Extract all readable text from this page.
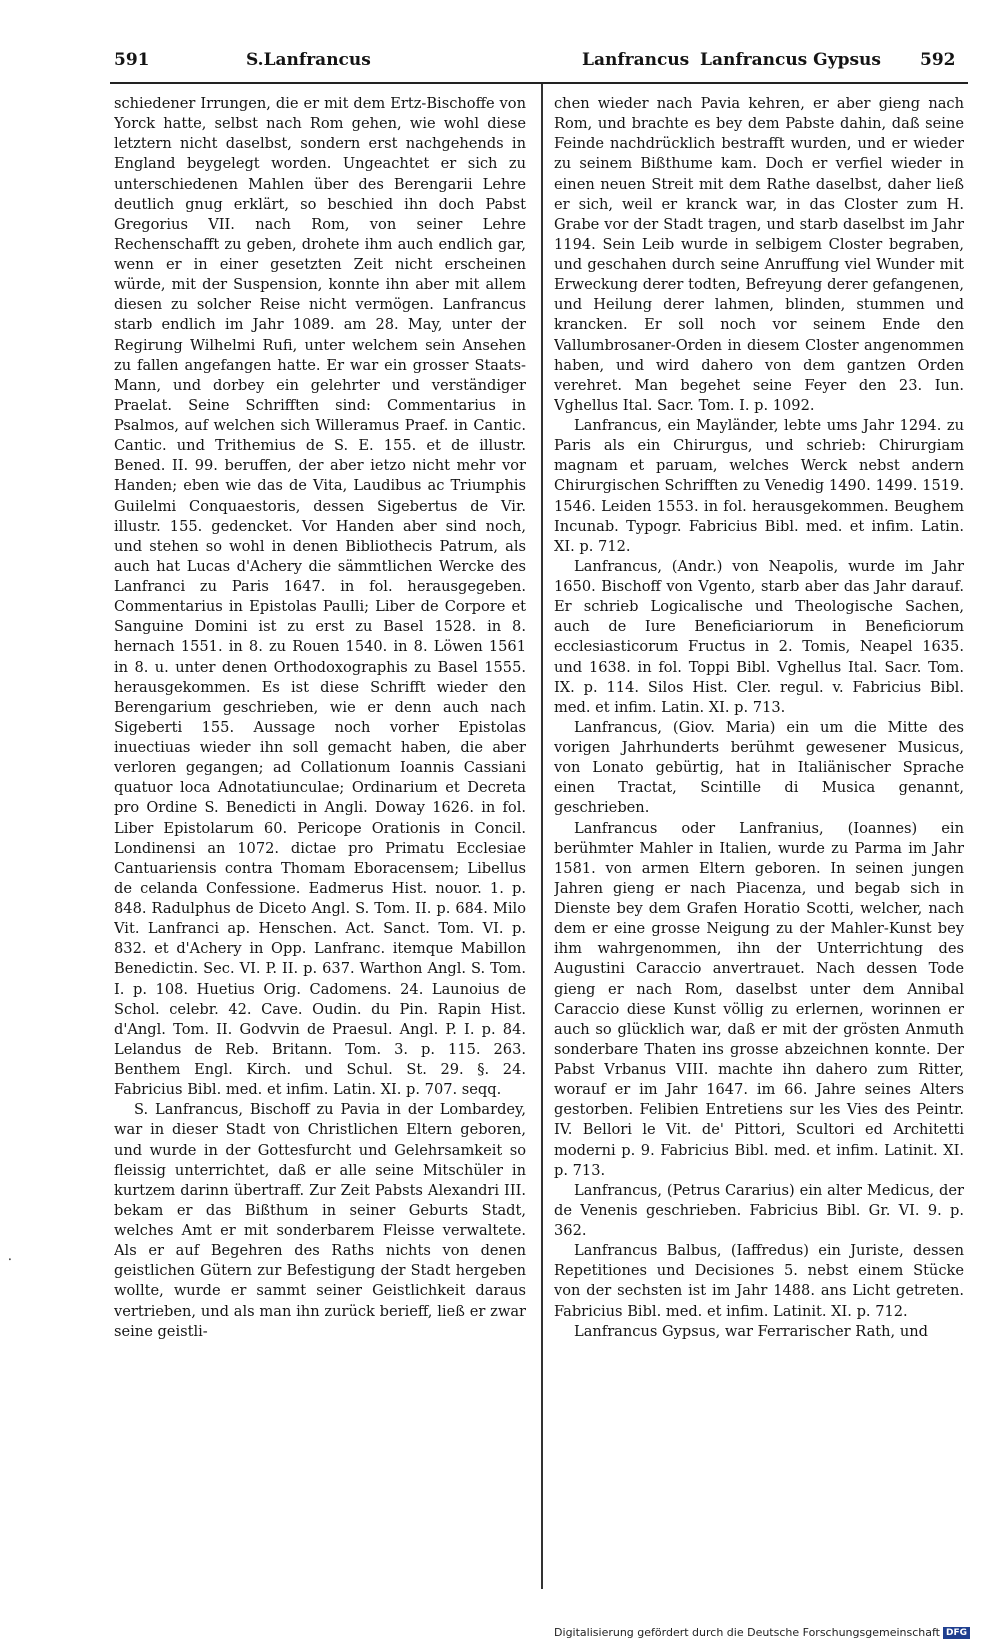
591	S.Lanfrancus	Lanfrancus Lanfrancus Gypsus 592

schiedener Irrungen, die er mit dem Ertz-Bischoffe von Yorck hatte, selbst nach Rom gehen, wie wohl diese letztern nicht daselbst, sondern erst nachgehends in England beygelegt worden. Ungeachtet er sich zu unterschiedenen Mahlen über des Berengarii Lehre deutlich gnug erklärt, so beschied ihn doch Pabst Gregorius VII. nach Rom, von seiner Lehre Rechenschafft zu geben, drohete ihm auch endlich gar, wenn er in einer gesetzten Zeit nicht erscheinen würde, mit der Suspension, konnte ihn aber mit allem diesen zu solcher Reise nicht vermögen. Lanfrancus starb endlich im Jahr 1089. am 28. May, unter der Regirung Wilhelmi Rufi, unter welchem sein Ansehen zu fallen angefangen hatte. Er war ein grosser Staats-Mann, und dorbey ein gelehrter und verständiger Praelat. Seine Schrifften sind: Commentarius in Psalmos, auf welchen sich Willeramus Praef. in Cantic. Cantic. und Trithemius de S. E. 155. et de illustr. Bened. II. 99. beruffen, der aber ietzo nicht mehr vor Handen; eben wie das de Vita, Laudibus ac Triumphis Guilelmi Conquaestoris, dessen Sigebertus de Vir. illustr. 155. gedencket. Vor Handen aber sind noch, und stehen so wohl in denen Bibliothecis Patrum, als auch hat Lucas d'Achery die sämmtlichen Wercke des Lanfranci zu Paris 1647. in fol. herausgegeben. Commentarius in Epistolas Paulli; Liber de Corpore et Sanguine Domini ist zu erst zu Basel 1528. in 8. hernach 1551. in 8. zu Rouen 1540. in 8. Löwen 1561 in 8. u. unter denen Orthodoxographis zu Basel 1555. herausgekommen. Es ist diese Schrifft wieder den Berengarium geschrieben, wie er denn auch nach Sigeberti 155. Aussage noch vorher Epistolas inuectiuas wieder ihn soll gemacht haben, die aber verloren gegangen; ad Collationum Ioannis Cassiani quatuor loca Adnotatiunculae; Ordinarium et Decreta pro Ordine S. Benedicti in Angli. Doway 1626. in fol. Liber Epistolarum 60. Pericope Orationis in Concil. Londinensi an 1072. dictae pro Primatu Ecclesiae Cantuariensis contra Thomam Eboracensem; Libellus de celanda Confessione. Eadmerus Hist. nouor. 1. p. 848. Radulphus de Diceto Angl. S. Tom. II. p. 684. Milo Vit. Lanfranci ap. Henschen. Act. Sanct. Tom. VI. p. 832. et d'Achery in Opp. Lanfranc. itemque Mabillon Benedictin. Sec. VI. P. II. p. 637. Warthon Angl. S. Tom. I. p. 108. Huetius Orig. Cadomens. 24. Launoius de Schol. celebr. 42. Cave. Oudin. du Pin. Rapin Hist. d'Angl. Tom. II. Godvvin de Praesul. Angl. P. I. p. 84. Lelandus de Reb. Britann. Tom. 3. p. 115. 263. Benthem Engl. Kirch. und Schul. St. 29. §. 24. Fabricius Bibl. med. et infim. Latin. XI. p. 707. seqq.

S. Lanfrancus, Bischoff zu Pavia in der Lombardey, war in dieser Stadt von Christlichen Eltern geboren, und wurde in der Gottesfurcht und Gelehrsamkeit so fleissig unterrichtet, daß er alle seine Mitschüler in kurtzem darinn übertraff. Zur Zeit Pabsts Alexandri III. bekam er das Bißthum in seiner Geburts Stadt, welches Amt er mit sonderbarem Fleisse verwaltete. Als er auf Begehren des Raths nichts von denen geistlichen Gütern zur Befestigung der Stadt hergeben wollte, wurde er sammt seiner Geistlichkeit daraus vertrieben, und als man ihn zurück berieff, ließ er zwar seine geistli-

chen wieder nach Pavia kehren, er aber gieng nach Rom, und brachte es bey dem Pabste dahin, daß seine Feinde nachdrücklich bestrafft wurden, und er wieder zu seinem Bißthume kam. Doch er verfiel wieder in einen neuen Streit mit dem Rathe daselbst, daher ließ er sich, weil er kranck war, in das Closter zum H. Grabe vor der Stadt tragen, und starb daselbst im Jahr 1194. Sein Leib wurde in selbigem Closter begraben, und geschahen durch seine Anruffung viel Wunder mit Erweckung derer todten, Befreyung derer gefangenen, und Heilung derer lahmen, blinden, stummen und krancken. Er soll noch vor seinem Ende den Vallumbrosaner-Orden in diesem Closter angenommen haben, und wird dahero von dem gantzen Orden verehret. Man begehet seine Feyer den 23. Iun. Vghellus Ital. Sacr. Tom. I. p. 1092.

Lanfrancus, ein Mayländer, lebte ums Jahr 1294. zu Paris als ein Chirurgus, und schrieb: Chirurgiam magnam et paruam, welches Werck nebst andern Chirurgischen Schrifften zu Venedig 1490. 1499. 1519. 1546. Leiden 1553. in fol. herausgekommen. Beughem Incunab. Typogr. Fabricius Bibl. med. et infim. Latin. XI. p. 712.

Lanfrancus, (Andr.) von Neapolis, wurde im Jahr 1650. Bischoff von Vgento, starb aber das Jahr darauf. Er schrieb Logicalische und Theologische Sachen, auch de Iure Beneficiariorum in Beneficiorum ecclesiasticorum Fructus in 2. Tomis, Neapel 1635. und 1638. in fol. Toppi Bibl. Vghellus Ital. Sacr. Tom. IX. p. 114. Silos Hist. Cler. regul. v. Fabricius Bibl. med. et infim. Latin. XI. p. 713.

Lanfrancus, (Giov. Maria) ein um die Mitte des vorigen Jahrhunderts berühmt gewesener Musicus, von Lonato gebürtig, hat in Italiänischer Sprache einen Tractat, Scintille di Musica genannt, geschrieben.

Lanfrancus oder Lanfranius, (Ioannes) ein berühmter Mahler in Italien, wurde zu Parma im Jahr 1581. von armen Eltern geboren. In seinen jungen Jahren gieng er nach Piacenza, und begab sich in Dienste bey dem Grafen Horatio Scotti, welcher, nach dem er eine grosse Neigung zu der Mahler-Kunst bey ihm wahrgenommen, ihn der Unterrichtung des Augustini Caraccio anvertrauet. Nach dessen Tode gieng er nach Rom, daselbst unter dem Annibal Caraccio diese Kunst völlig zu erlernen, worinnen er auch so glücklich war, daß er mit der grösten Anmuth sonderbare Thaten ins grosse abzeichnen konnte. Der Pabst Vrbanus VIII. machte ihn dahero zum Ritter, worauf er im Jahr 1647. im 66. Jahre seines Alters gestorben. Felibien Entretiens sur les Vies des Peintr. IV. Bellori le Vit. de' Pittori, Scultori ed Architetti moderni p. 9. Fabricius Bibl. med. et infim. Latinit. XI. p. 713.

Lanfrancus, (Petrus Cararius) ein alter Medicus, der de Venenis geschrieben. Fabricius Bibl. Gr. VI. 9. p. 362.

Lanfrancus Balbus, (Iaffredus) ein Juriste, dessen Repetitiones und Decisiones 5. nebst einem Stücke von der sechsten ist im Jahr 1488. ans Licht getreten. Fabricius Bibl. med. et infim. Latinit. XI. p. 712.

Lanfrancus Gypsus, war Ferrarischer Rath, und

⸳
Digitalisierung gefördert durch die Deutsche Forschungsgemeinschaft DFG
